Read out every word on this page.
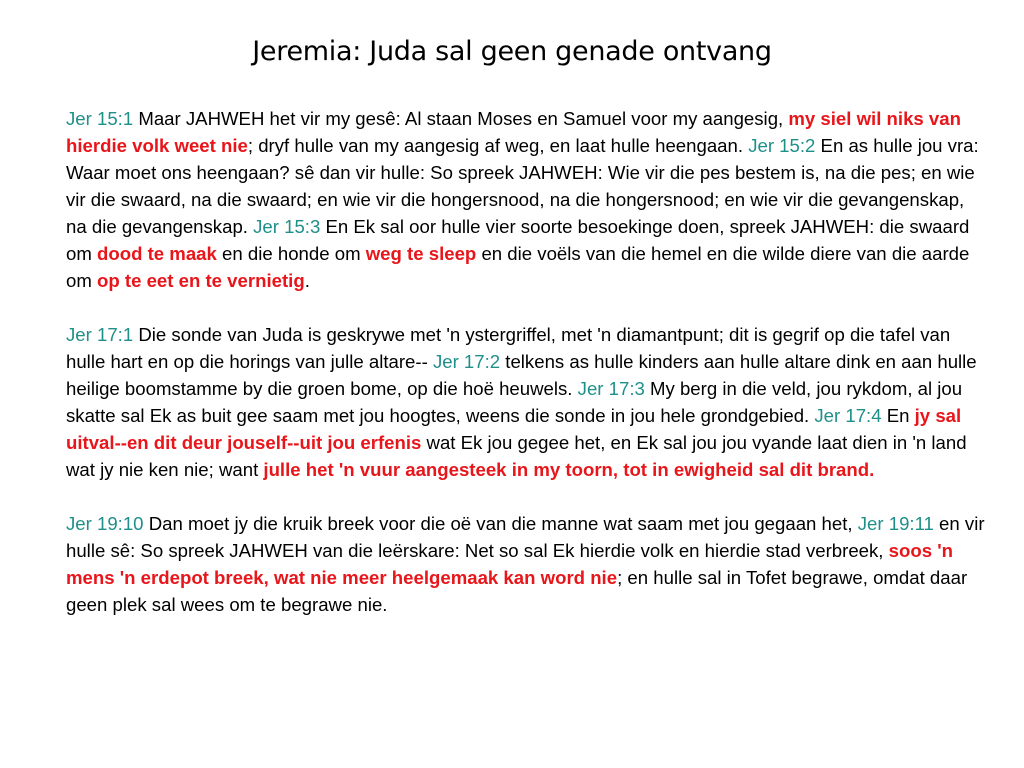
Jeremia: Juda sal geen genade ontvang

Jer 15:1 Maar JAHWEH het vir my gesê: Al staan Moses en Samuel voor my aangesig, my siel wil niks van hierdie volk weet nie; dryf hulle van my aangesig af weg, en laat hulle heengaan. Jer 15:2 En as hulle jou vra: Waar moet ons heengaan? sê dan vir hulle: So spreek JAHWEH: Wie vir die pes bestem is, na die pes; en wie vir die swaard, na die swaard; en wie vir die hongersnood, na die hongersnood; en wie vir die gevangenskap, na die gevangenskap. Jer 15:3 En Ek sal oor hulle vier soorte besoekinge doen, spreek JAHWEH: die swaard om dood te maak en die honde om weg te sleep en die voëls van die hemel en die wilde diere van die aarde om op te eet en te vernietig.

Jer 17:1 Die sonde van Juda is geskrywe met 'n ystergriffel, met 'n diamantpunt; dit is gegrif op die tafel van hulle hart en op die horings van julle altare-- Jer 17:2 telkens as hulle kinders aan hulle altare dink en aan hulle heilige boomstamme by die groen bome, op die hoë heuwels. Jer 17:3 My berg in die veld, jou rykdom, al jou skatte sal Ek as buit gee saam met jou hoogtes, weens die sonde in jou hele grondgebied. Jer 17:4 En jy sal uitval--en dit deur jouself--uit jou erfenis wat Ek jou gegee het, en Ek sal jou jou vyande laat dien in 'n land wat jy nie ken nie; want julle het 'n vuur aangesteek in my toorn, tot in ewigheid sal dit brand.

Jer 19:10 Dan moet jy die kruik breek voor die oë van die manne wat saam met jou gegaan het, Jer 19:11 en vir hulle sê: So spreek JAHWEH van die leërskare: Net so sal Ek hierdie volk en hierdie stad verbreek, soos 'n mens 'n erdepot breek, wat nie meer heelgemaak kan word nie; en hulle sal in Tofet begrawe, omdat daar geen plek sal wees om te begrawe nie.
